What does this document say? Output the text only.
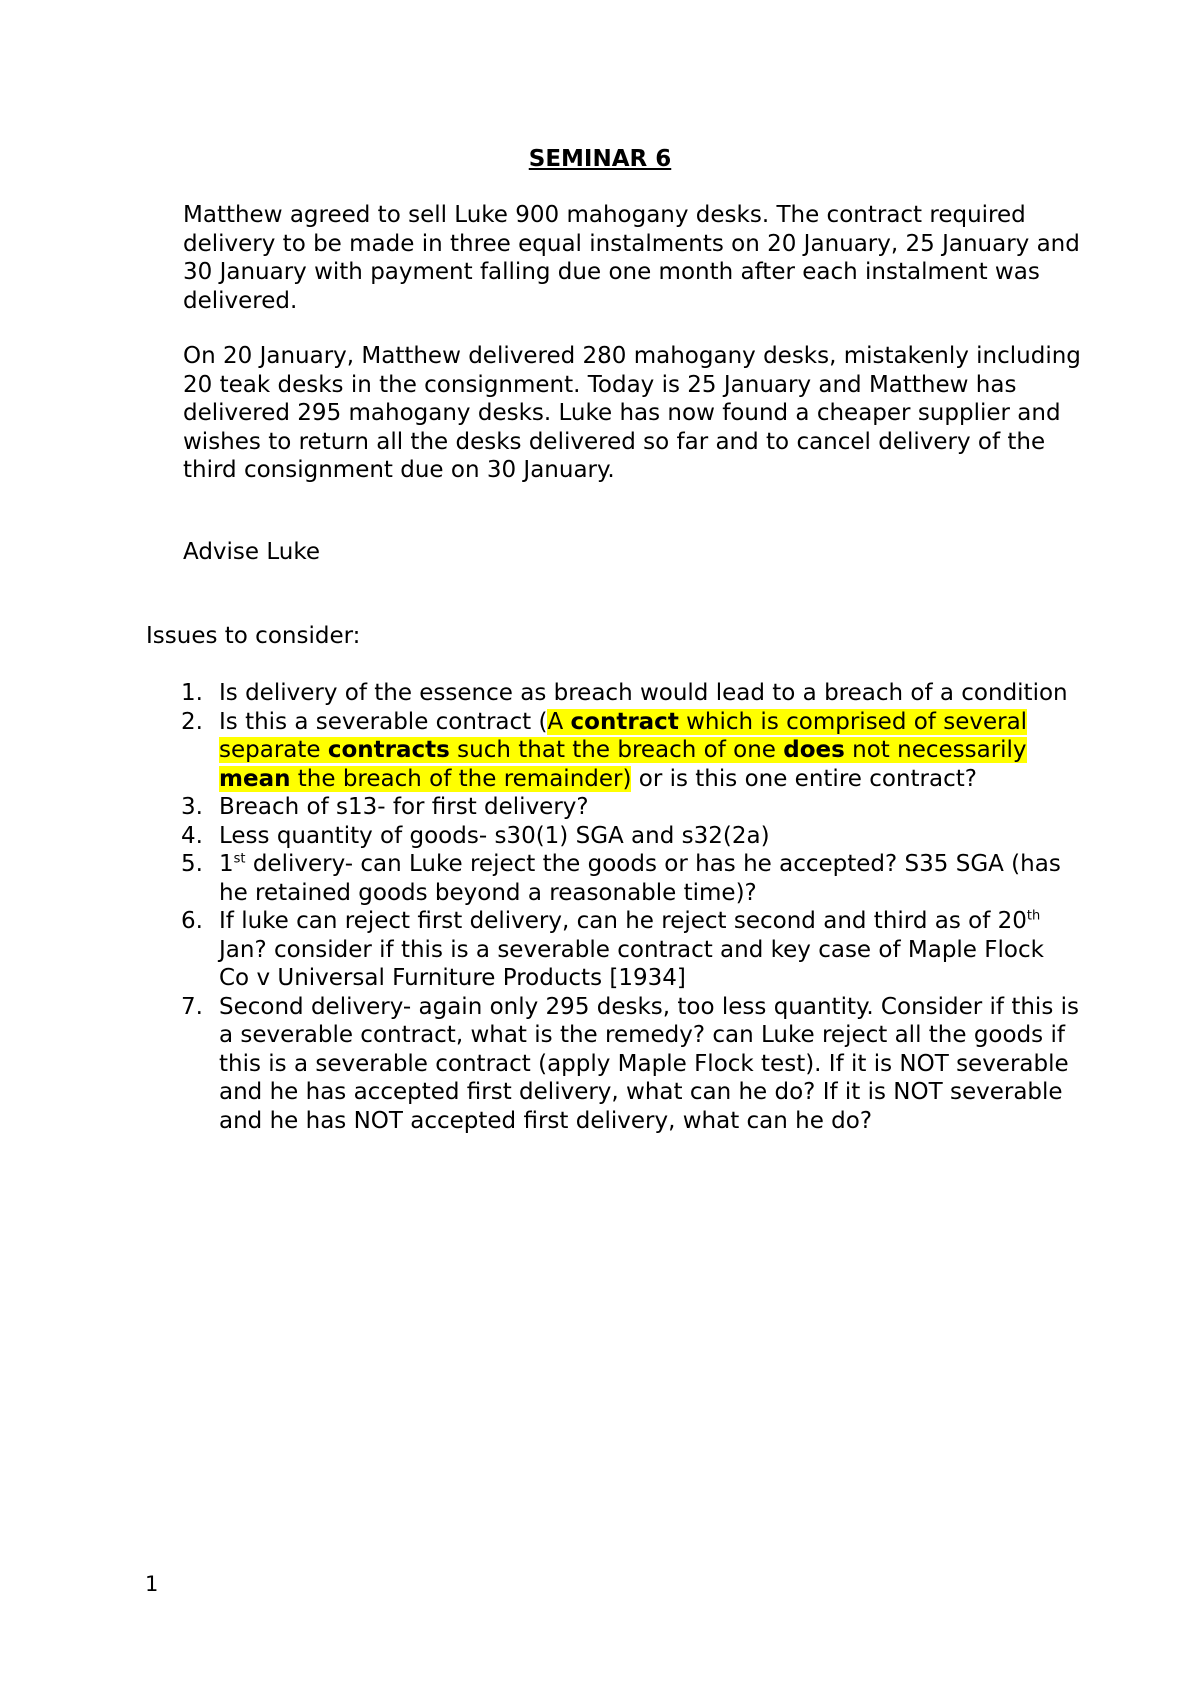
SEMINAR 6

Matthew agreed to sell Luke 900 mahogany desks. The contract required delivery to be made in three equal instalments on 20 January, 25 January and 30 January with payment falling due one month after each instalment was delivered.

On 20 January, Matthew delivered 280 mahogany desks, mistakenly including 20 teak desks in the consignment. Today is 25 January and Matthew has delivered 295 mahogany desks. Luke has now found a cheaper supplier and wishes to return all the desks delivered so far and to cancel delivery of the third consignment due on 30 January.

Advise Luke

Issues to consider:

1. Is delivery of the essence as breach would lead to a breach of a condition
2. Is this a severable contract (A contract which is comprised of several separate contracts such that the breach of one does not necessarily mean the breach of the remainder) or is this one entire contract?
3. Breach of s13- for first delivery?
4. Less quantity of goods- s30(1) SGA and s32(2a)
5. 1st delivery- can Luke reject the goods or has he accepted? S35 SGA (has he retained goods beyond a reasonable time)?
6. If luke can reject first delivery, can he reject second and third as of 20th Jan? consider if this is a severable contract and key case of Maple Flock Co v Universal Furniture Products [1934]
7. Second delivery- again only 295 desks, too less quantity. Consider if this is a severable contract, what is the remedy? can Luke reject all the goods if this is a severable contract (apply Maple Flock test). If it is NOT severable and he has accepted first delivery, what can he do? If it is NOT severable and he has NOT accepted first delivery, what can he do?

1
